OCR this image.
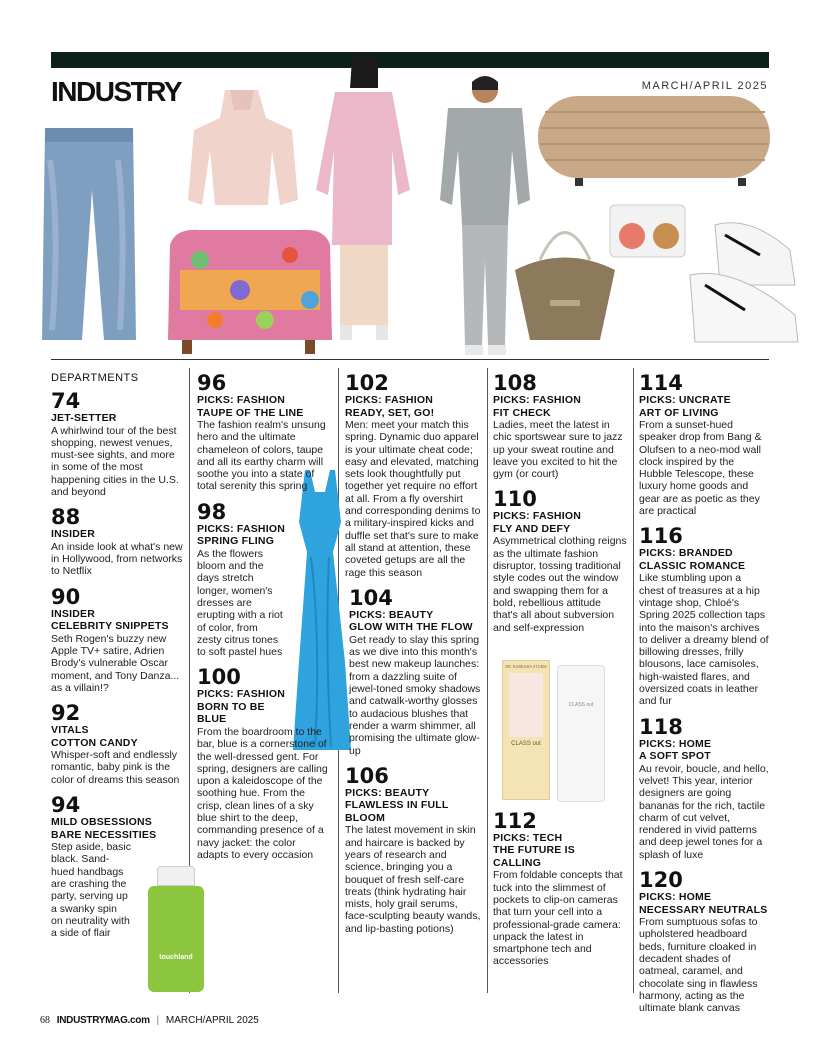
INDUSTRY	MARCH/APRIL 2025
DR. BARBARA STURM
CLASS out
CLASS out
touchland
DEPARTMENTS
74
JET-SETTER
A whirlwind tour of the best shopping, newest venues, must-see sights, and more in some of the most happening cities in the U.S. and beyond
88
INSIDER
An inside look at what's new in Hollywood, from networks to Netflix
90
INSIDER
CELEBRITY SNIPPETS
Seth Rogen's buzzy new Apple TV+ satire, Adrien Brody's vulnerable Oscar moment, and Tony Danza... as a villain!?
92
VITALS
COTTON CANDY
Whisper-soft and endlessly romantic, baby pink is the color of dreams this season
94
MILD OBSESSIONS
BARE NECESSITIES
Step aside, basic black. Sand-hued handbags are crashing the party, serving up a swanky spin on neutrality with a side of flair
96
PICKS: FASHION
TAUPE OF THE LINE
The fashion realm's unsung hero and the ultimate chameleon of colors, taupe and all its earthy charm will soothe you into a state of total serenity this spring
98
PICKS: FASHION
SPRING FLING
As the flowers bloom and the days stretch longer, women's dresses are erupting with a riot of color, from zesty citrus tones to soft pastel hues
100
PICKS: FASHION
BORN TO BE BLUE
From the boardroom to the bar, blue is a cornerstone of the well-dressed gent. For spring, designers are calling upon a kaleidoscope of the soothing hue. From the crisp, clean lines of a sky blue shirt to the deep, commanding presence of a navy jacket: the color adapts to every occasion
102
PICKS: FASHION
READY, SET, GO!
Men: meet your match this spring. Dynamic duo apparel is your ultimate cheat code; easy and elevated, matching sets look thoughtfully put together yet require no effort at all. From a fly overshirt and corresponding denims to a military-inspired kicks and duffle set that's sure to make all stand at attention, these coveted getups are all the rage this season
104
PICKS: BEAUTY
GLOW WITH THE FLOW
Get ready to slay this spring as we dive into this month's best new makeup launches: from a dazzling suite of jewel-toned smoky shadows and catwalk-worthy glosses to audacious blushes that render a warm shimmer, all promising the ultimate glow-up
106
PICKS: BEAUTY
FLAWLESS IN FULL BLOOM
The latest movement in skin and haircare is backed by years of research and science, bringing you a bouquet of fresh self-care treats (think hydrating hair mists, holy grail serums, face-sculpting beauty wands, and lip-basting potions)
108
PICKS: FASHION
FIT CHECK
Ladies, meet the latest in chic sportswear sure to jazz up your sweat routine and leave you excited to hit the gym (or court)
110
PICKS: FASHION
FLY AND DEFY
Asymmetrical clothing reigns as the ultimate fashion disruptor, tossing traditional style codes out the window and swapping them for a bold, rebellious attitude that's all about subversion and self-expression
112
PICKS: TECH
THE FUTURE IS CALLING
From foldable concepts that tuck into the slimmest of pockets to clip-on cameras that turn your cell into a professional-grade camera: unpack the latest in smartphone tech and accessories
114
PICKS: UNCRATE
ART OF LIVING
From a sunset-hued speaker drop from Bang & Olufsen to a neo-mod wall clock inspired by the Hubble Telescope, these luxury home goods and gear are as poetic as they are practical
116
PICKS: BRANDED
CLASSIC ROMANCE
Like stumbling upon a chest of treasures at a hip vintage shop, Chloé's Spring 2025 collection taps into the maison's archives to deliver a dreamy blend of billowing dresses, frilly blousons, lace camisoles, high-waisted flares, and oversized coats in leather and fur
118
PICKS: HOME
A SOFT SPOT
Au revoir, boucle, and hello, velvet! This year, interior designers are going bananas for the rich, tactile charm of cut velvet, rendered in vivid patterns and deep jewel tones for a splash of luxe
120
PICKS: HOME
NECESSARY NEUTRALS
From sumptuous sofas to upholstered headboard beds, furniture cloaked in decadent shades of oatmeal, caramel, and chocolate sing in flawless harmony, acting as the ultimate blank canvas
68 INDUSTRYMAG.com | MARCH/APRIL 2025
